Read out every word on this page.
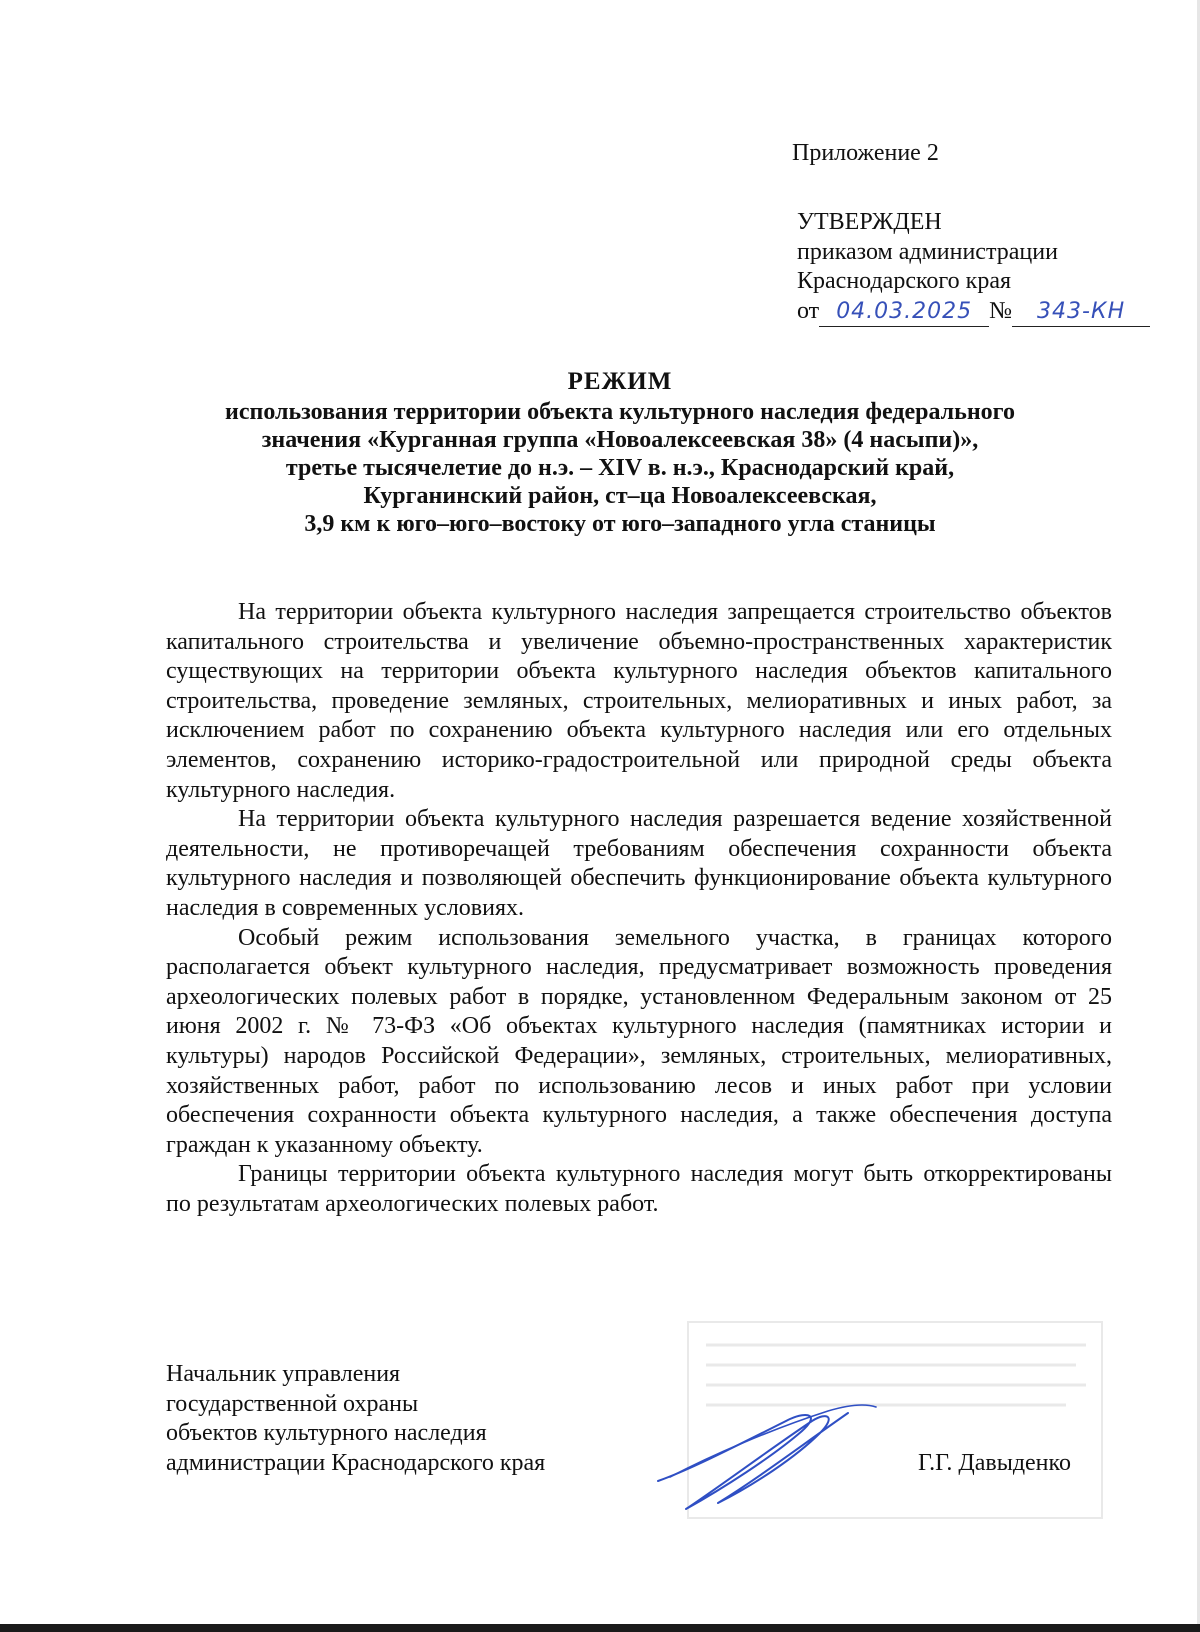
Приложение 2
УТВЕРЖДЕН
приказом администрации
Краснодарского края
от 04.03.2025 № 343-КН
РЕЖИМ
использования территории объекта культурного наследия федерального
значения «Курганная группа «Новоалексеевская 38» (4 насыпи)»,
третье тысячелетие до н.э. – XIV в. н.э., Краснодарский край,
Курганинский район, ст–ца Новоалексеевская,
3,9 км к юго–юго–востоку от юго–западного угла станицы

На территории объекта культурного наследия запрещается строительство объектов капитального строительства и увеличение объемно-пространственных характеристик существующих на территории объекта культурного наследия объектов капитального строительства, проведение земляных, строительных, мелиоративных и иных работ, за исключением работ по сохранению объекта культурного наследия или его отдельных элементов, сохранению историко-градостроительной или природной среды объекта культурного наследия.

На территории объекта культурного наследия разрешается ведение хозяйственной деятельности, не противоречащей требованиям обеспечения сохранности объекта культурного наследия и позволяющей обеспечить функционирование объекта культурного наследия в современных условиях.

Особый режим использования земельного участка, в границах которого располагается объект культурного наследия, предусматривает возможность проведения археологических полевых работ в порядке, установленном Федеральным законом от 25 июня 2002 г. № 73-ФЗ «Об объектах культурного наследия (памятниках истории и культуры) народов Российской Федерации», земляных, строительных, мелиоративных, хозяйственных работ, работ по использованию лесов и иных работ при условии обеспечения сохранности объекта культурного наследия, а также обеспечения доступа граждан к указанному объекту.

Границы территории объекта культурного наследия могут быть откорректированы по результатам археологических полевых работ.

Начальник управления
государственной охраны
объектов культурного наследия
администрации Краснодарского края	Г.Г. Давыденко
